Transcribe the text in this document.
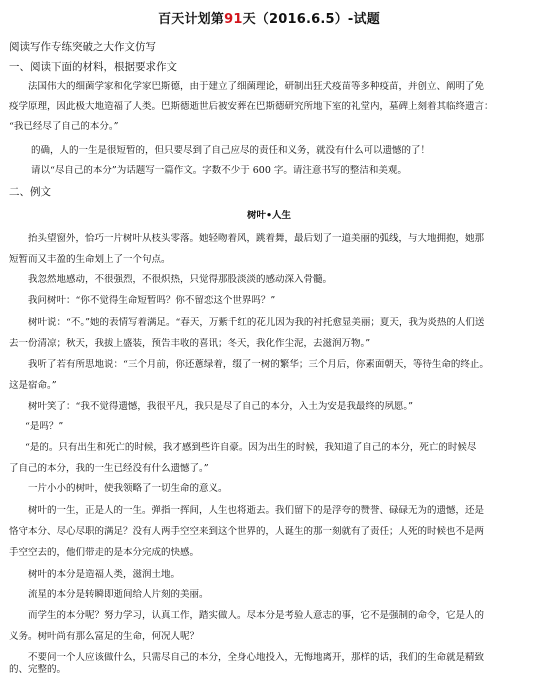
百天计划第91天（2016.6.5）-试题
阅读写作专练突破之大作文仿写
一、阅读下面的材料，根据要求作文
法国伟大的细菌学家和化学家巴斯德，由于建立了细菌理论，研制出狂犬疫苗等多种疫苗，并创立、阐明了免
疫学原理，因此极大地造福了人类。巴斯德逝世后被安葬在巴斯德研究所地下室的礼堂内，墓碑上刻着其临终遗言：
“我已经尽了自己的本分。”
的确，人的一生是很短暂的，但只要尽到了自己应尽的责任和义务，就没有什么可以遗憾的了！
请以“尽自己的本分”为话题写一篇作文。字数不少于 600 字。请注意书写的整洁和美观。
二、例文
树叶•人生
抬头望窗外，恰巧一片树叶从枝头零落。她轻吻着风，跳着舞，最后划了一道美丽的弧线，与大地拥抱，她那
短暂而又丰盈的生命划上了一个句点。
我忽然地感动，不很强烈，不很炽热，只觉得那股淡淡的感动深入骨髓。
我问树叶：“你不觉得生命短暂吗？你不留恋这个世界吗？”
树叶说：“不。”她的表情写着满足。“春天，万紫千红的花儿因为我的衬托愈显美丽；夏天，我为炎热的人们送
去一份清凉；秋天，我拔上盛装，预告丰收的喜讯；冬天，我化作尘泥，去滋润万物。”
我听了若有所思地说：“三个月前，你还蔥绿着，缀了一树的繁华；三个月后，你素面朝天，等待生命的终止。
这是宿命。”
树叶笑了：“我不觉得遗憾，我很平凡，我只是尽了自己的本分，入土为安是我最终的夙愿。”
“是吗？”
“是的。只有出生和死亡的时候，我才感到些许自豪。因为出生的时候，我知道了自己的本分，死亡的时候尽
了自己的本分，我的一生已经没有什么遗憾了。”
一片小小的树叶，使我领略了一切生命的意义。
树叶的一生，正是人的一生。弹指一挥间，人生也将逝去。我们留下的是浮夸的赞誉、碌碌无为的遗憾，还是
恪守本分、尽心尽职的满足？没有人两手空空来到这个世界的，人诞生的那一刻就有了责任；人死的时候也不是两
手空空去的，他们带走的是本分完成的快感。
树叶的本分是造福人类，滋润土地。
流星的本分是转瞬即逝间给人片刻的美丽。
而学生的本分呢？努力学习，认真工作，踏实做人。尽本分是考验人意志的事，它不是强制的命令，它是人的
义务。树叶尚有那么富足的生命，何况人呢？
不要问一个人应该做什么，只需尽自己的本分，全身心地投入，无悔地离开，那样的话，我们的生命就是精致
的、完整的。
